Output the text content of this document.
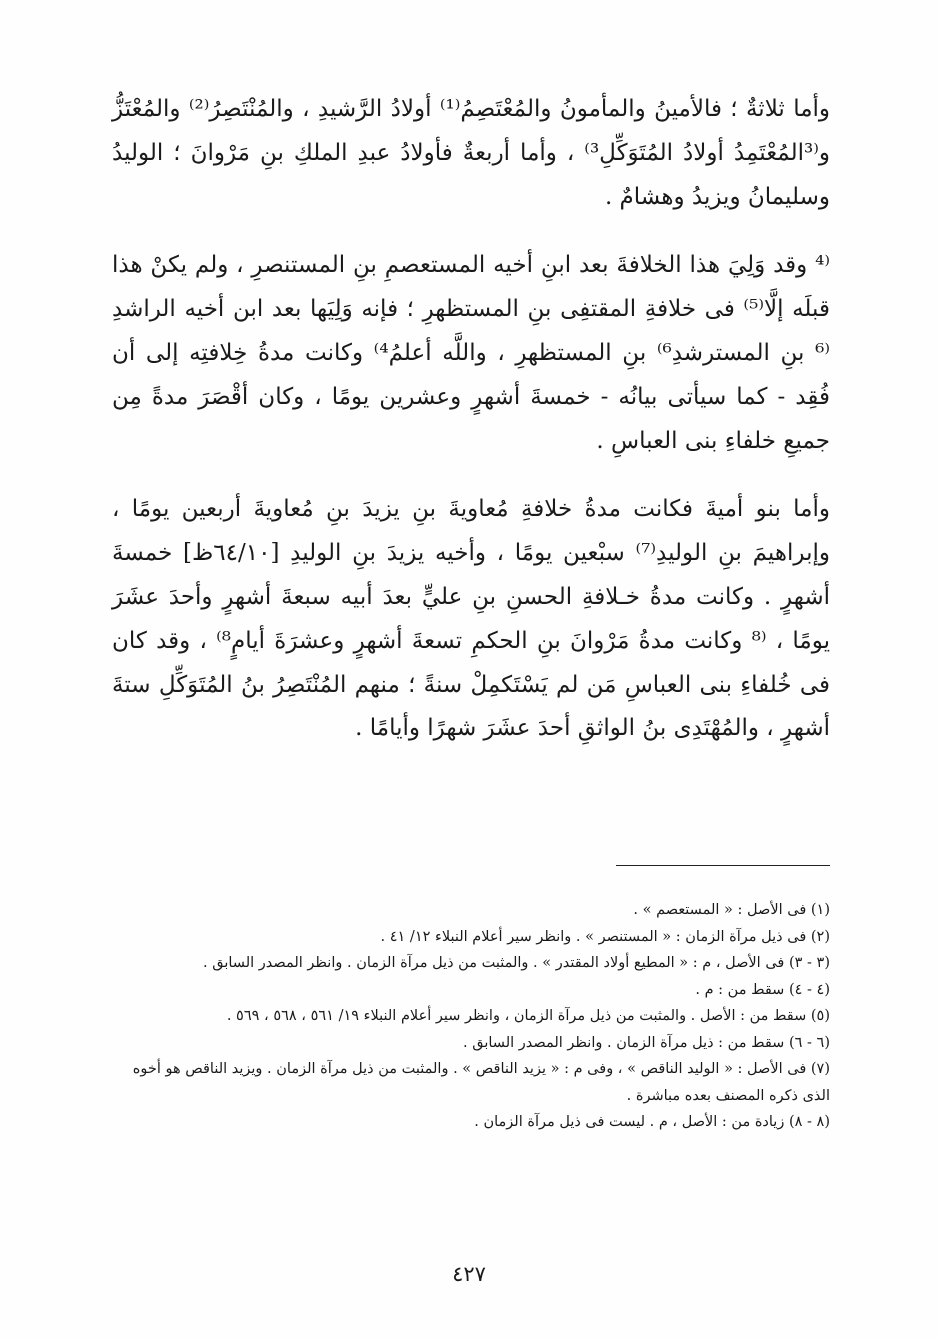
وأما ثلاثةٌ ؛ فالأمينُ والمأمونُ والمُعْتَصِمُ⁽¹⁾ أولادُ الرَّشيدِ ، والمُنْتَصِرُ⁽²⁾ والمُعْتَزُّ و⁽³المُعْتَمِدُ أولادُ المُتَوَكِّلِ³⁾ ، وأما أربعةٌ فأولادُ عبدِ الملكِ بنِ مَرْوانَ ؛ الوليدُ وسليمانُ ويزيدُ وهشامٌ .

⁽⁴ وقد وَلِيَ هذا الخلافةَ بعد ابنِ أخيه المستعصمِ بنِ المستنصرِ ، ولم يكنْ هذا قبلَه إلَّا⁽⁵⁾ فى خلافةِ المقتفِى بنِ المستظهرِ ؛ فإنه وَلِيَها بعد ابن أخيه الراشدِ ⁽⁶ بنِ المسترشدِ⁶⁾ بنِ المستظهرِ ، واللَّه أعلمُ⁴⁾ وكانت مدةُ خِلافتِه إلى أن فُقِد - كما سيأتى بيانُه - خمسةَ أشهرٍ وعشرين يومًا ، وكان أقْصَرَ مدةً مِن جميعِ خلفاءِ بنى العباسِ .

وأما بنو أميةَ فكانت مدةُ خلافةِ مُعاويةَ بنِ يزيدَ بنِ مُعاويةَ أربعين يومًا ، وإبراهيمَ بنِ الوليدِ⁽⁷⁾ سبْعين يومًا ، وأخيه يزيدَ بنِ الوليدِ [٦٤/١٠ظ] خمسةَ أشهرٍ . وكانت مدةُ خـلافةِ الحسنِ بنِ عليٍّ بعدَ أبيه سبعةَ أشهرٍ وأحدَ عشَرَ يومًا ، ⁽⁸ وكانت مدةُ مَرْوانَ بنِ الحكمِ تسعةَ أشهرٍ وعشرَةَ أيامٍ⁸⁾ ، وقد كان فى خُلفاءِ بنى العباسِ مَن لم يَسْتَكمِلْ سنةً ؛ منهم المُنْتَصِرُ بنُ المُتَوَكِّلِ ستةَ أشهرٍ ، والمُهْتَدِى بنُ الواثقِ أحدَ عشَرَ شهرًا وأيامًا .

(١) فى الأصل : « المستعصم » .

(٢) فى ذيل مرآة الزمان : « المستنصر » . وانظر سير أعلام النبلاء ١٢/ ٤١ .

(٣ - ٣) فى الأصل ، م : « المطيع أولاد المقتدر » . والمثبت من ذيل مرآة الزمان . وانظر المصدر السابق .

(٤ - ٤) سقط من : م .

(٥) سقط من : الأصل . والمثبت من ذيل مرآة الزمان ، وانظر سير أعلام النبلاء ١٩/ ٥٦١ ، ٥٦٨ ، ٥٦٩ .

(٦ - ٦) سقط من : ذيل مرآة الزمان . وانظر المصدر السابق .

(٧) فى الأصل : « الوليد الناقص » ، وفى م : « يزيد الناقص » . والمثبت من ذيل مرآة الزمان . ويزيد الناقص هو أخوه الذى ذكره المصنف بعده مباشرة .

(٨ - ٨) زيادة من : الأصل ، م . ليست فى ذيل مرآة الزمان .

٤٢٧
